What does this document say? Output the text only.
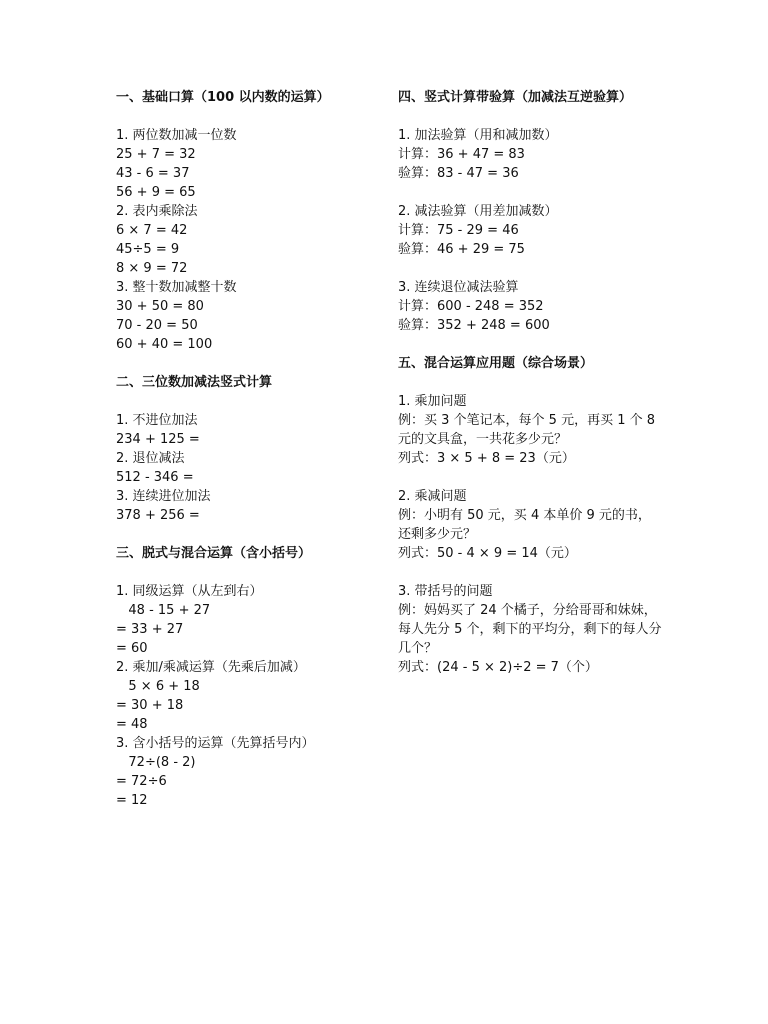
一、基础口算（100 以内数的运算）

1. 两位数加减一位数

25 + 7 = 32

43 - 6 = 37

56 + 9 = 65

2. 表内乘除法

6 × 7 = 42

45÷5 = 9

8 × 9 = 72

3. 整十数加减整十数

30 + 50 = 80

70 - 20 = 50

60 + 40 = 100

二、三位数加减法竖式计算

1. 不进位加法

234 + 125 =

2. 退位减法

512 - 346 =

3. 连续进位加法

378 + 256 =

三、脱式与混合运算（含小括号）

1. 同级运算（从左到右）

48 - 15 + 27

= 33 + 27

= 60

2. 乘加/乘减运算（先乘后加减）

5 × 6 + 18

= 30 + 18

= 48

3. 含小括号的运算（先算括号内）

72÷(8 - 2)

= 72÷6

= 12

四、竖式计算带验算（加减法互逆验算）

1. 加法验算（用和减加数）

计算：36 + 47 = 83

验算：83 - 47 = 36

2. 减法验算（用差加减数）

计算：75 - 29 = 46

验算：46 + 29 = 75

3. 连续退位减法验算

计算：600 - 248 = 352

验算：352 + 248 = 600

五、混合运算应用题（综合场景）

1. 乘加问题

例：买 3 个笔记本，每个 5 元，再买 1 个 8 元的文具盒，一共花多少元？

列式：3 × 5 + 8 = 23（元）

2. 乘减问题

例：小明有 50 元，买 4 本单价 9 元的书，还剩多少元？

列式：50 - 4 × 9 = 14（元）

3. 带括号的问题

例：妈妈买了 24 个橘子，分给哥哥和妹妹，每人先分 5 个，剩下的平均分，剩下的每人分几个？

列式：(24 - 5 × 2)÷2 = 7（个）
